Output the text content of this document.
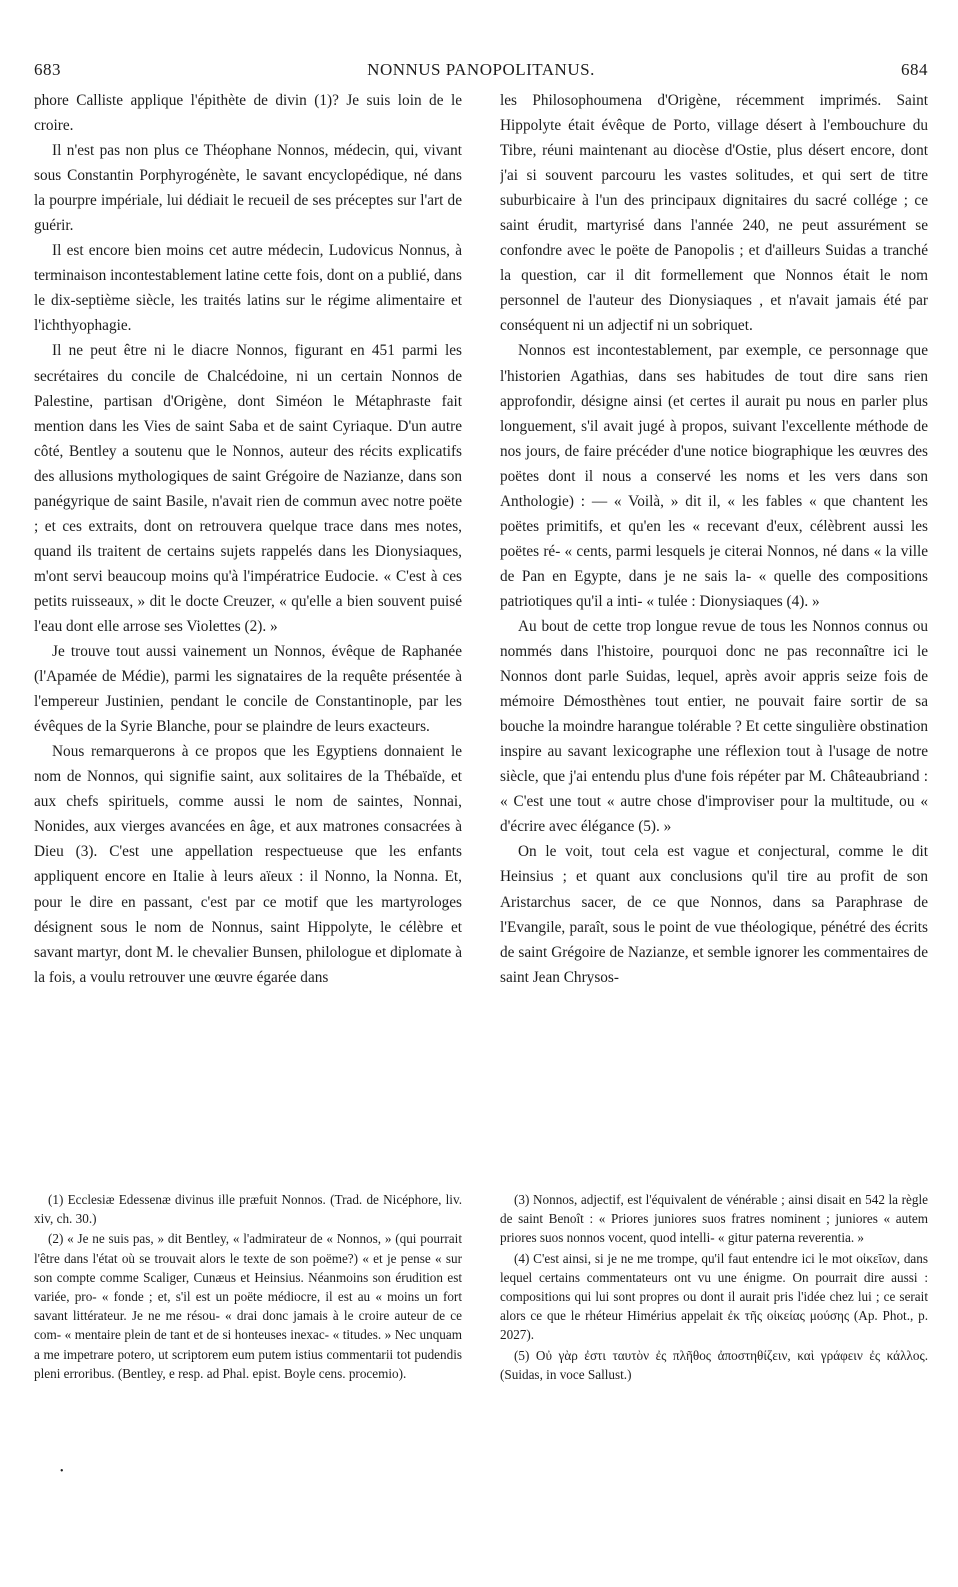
683	NONNUS PANOPOLITANUS.	684

phore Calliste applique l'épithète de divin (1)? Je suis loin de le croire.

Il n'est pas non plus ce Théophane Nonnos, médecin, qui, vivant sous Constantin Porphyrogénète, le savant encyclopédique, né dans la pourpre impériale, lui dédiait le recueil de ses préceptes sur l'art de guérir.

Il est encore bien moins cet autre médecin, Ludovicus Nonnus, à terminaison incontestablement latine cette fois, dont on a publié, dans le dix-septième siècle, les traités latins sur le régime alimentaire et l'ichthyophagie.

Il ne peut être ni le diacre Nonnos, figurant en 451 parmi les secrétaires du concile de Chalcédoine, ni un certain Nonnos de Palestine, partisan d'Origène, dont Siméon le Métaphraste fait mention dans les Vies de saint Saba et de saint Cyriaque. D'un autre côté, Bentley a soutenu que le Nonnos, auteur des récits explicatifs des allusions mythologiques de saint Grégoire de Nazianze, dans son panégyrique de saint Basile, n'avait rien de commun avec notre poëte ; et ces extraits, dont on retrouvera quelque trace dans mes notes, quand ils traitent de certains sujets rappelés dans les Dionysiaques, m'ont servi beaucoup moins qu'à l'impératrice Eudocie. « C'est à ces petits ruisseaux, » dit le docte Creuzer, « qu'elle a bien souvent puisé l'eau dont elle arrose ses Violettes (2). »

Je trouve tout aussi vainement un Nonnos, évêque de Raphanée (l'Apamée de Médie), parmi les signataires de la requête présentée à l'empereur Justinien, pendant le concile de Constantinople, par les évêques de la Syrie Blanche, pour se plaindre de leurs exacteurs.

Nous remarquerons à ce propos que les Egyptiens donnaient le nom de Nonnos, qui signifie saint, aux solitaires de la Thébaïde, et aux chefs spirituels, comme aussi le nom de saintes, Nonnai, Nonides, aux vierges avancées en âge, et aux matrones consacrées à Dieu (3). C'est une appellation respectueuse que les enfants appliquent encore en Italie à leurs aïeux : il Nonno, la Nonna. Et, pour le dire en passant, c'est par ce motif que les martyrologes désignent sous le nom de Nonnus, saint Hippolyte, le célèbre et savant martyr, dont M. le chevalier Bunsen, philologue et diplomate à la fois, a voulu retrouver une œuvre égarée dans

les Philosophoumena d'Origène, récemment imprimés. Saint Hippolyte était évêque de Porto, village désert à l'embouchure du Tibre, réuni maintenant au diocèse d'Ostie, plus désert encore, dont j'ai si souvent parcouru les vastes solitudes, et qui sert de titre suburbicaire à l'un des principaux dignitaires du sacré collége ; ce saint érudit, martyrisé dans l'année 240, ne peut assurément se confondre avec le poëte de Panopolis ; et d'ailleurs Suidas a tranché la question, car il dit formellement que Nonnos était le nom personnel de l'auteur des Dionysiaques , et n'avait jamais été par conséquent ni un adjectif ni un sobriquet.

Nonnos est incontestablement, par exemple, ce personnage que l'historien Agathias, dans ses habitudes de tout dire sans rien approfondir, désigne ainsi (et certes il aurait pu nous en parler plus longuement, s'il avait jugé à propos, suivant l'excellente méthode de nos jours, de faire précéder d'une notice biographique les œuvres des poëtes dont il nous a conservé les noms et les vers dans son Anthologie) : — « Voilà, » dit il, « les fables « que chantent les poëtes primitifs, et qu'en les « recevant d'eux, célèbrent aussi les poëtes ré- « cents, parmi lesquels je citerai Nonnos, né dans « la ville de Pan en Egypte, dans je ne sais la- « quelle des compositions patriotiques qu'il a inti- « tulée : Dionysiaques (4). »

Au bout de cette trop longue revue de tous les Nonnos connus ou nommés dans l'histoire, pourquoi donc ne pas reconnaître ici le Nonnos dont parle Suidas, lequel, après avoir appris seize fois de mémoire Démosthènes tout entier, ne pouvait faire sortir de sa bouche la moindre harangue tolérable ? Et cette singulière obstination inspire au savant lexicographe une réflexion tout à l'usage de notre siècle, que j'ai entendu plus d'une fois répéter par M. Châteaubriand : « C'est une tout « autre chose d'improviser pour la multitude, ou « d'écrire avec élégance (5). »

On le voit, tout cela est vague et conjectural, comme le dit Heinsius ; et quant aux conclusions qu'il tire au profit de son Aristarchus sacer, de ce que Nonnos, dans sa Paraphrase de l'Evangile, paraît, sous le point de vue théologique, pénétré des écrits de saint Grégoire de Nazianze, et semble ignorer les commentaires de saint Jean Chrysos-

(1) Ecclesiæ Edessenæ divinus ille præfuit Nonnos. (Trad. de Nicéphore, liv. xiv, ch. 30.)

(2) « Je ne suis pas, » dit Bentley, « l'admirateur de « Nonnos, » (qui pourrait l'être dans l'état où se trouvait alors le texte de son poëme?) « et je pense « sur son compte comme Scaliger, Cunæus et Heinsius. Néanmoins son érudition est variée, pro- « fonde ; et, s'il est un poëte médiocre, il est au « moins un fort savant littérateur. Je ne me résou- « drai donc jamais à le croire auteur de ce com- « mentaire plein de tant et de si honteuses inexac- « titudes. » Nec unquam a me impetrare potero, ut scriptorem eum putem istius commentarii tot pudendis pleni erroribus. (Bentley, e resp. ad Phal. epist. Boyle cens. procemio).

(3) Nonnos, adjectif, est l'équivalent de vénérable ; ainsi disait en 542 la règle de saint Benoît : « Priores juniores suos fratres nominent ; juniores « autem priores suos nonnos vocent, quod intelli- « gitur paterna reverentia. »

(4) C'est ainsi, si je ne me trompe, qu'il faut entendre ici le mot οἰκεῖων, dans lequel certains commentateurs ont vu une énigme. On pourrait dire aussi : compositions qui lui sont propres ou dont il aurait pris l'idée chez lui ; ce serait alors ce que le rhéteur Himérius appelait ἐκ τῆς οἰκείας μούσης (Ap. Phot., p. 2027).

(5) Οὐ γὰρ ἐστι ταυτὸν ἐς πλῆθος ἀποστηθίζειν, καὶ γράφειν ἐς κάλλος. (Suidas, in voce Sallust.)

•
